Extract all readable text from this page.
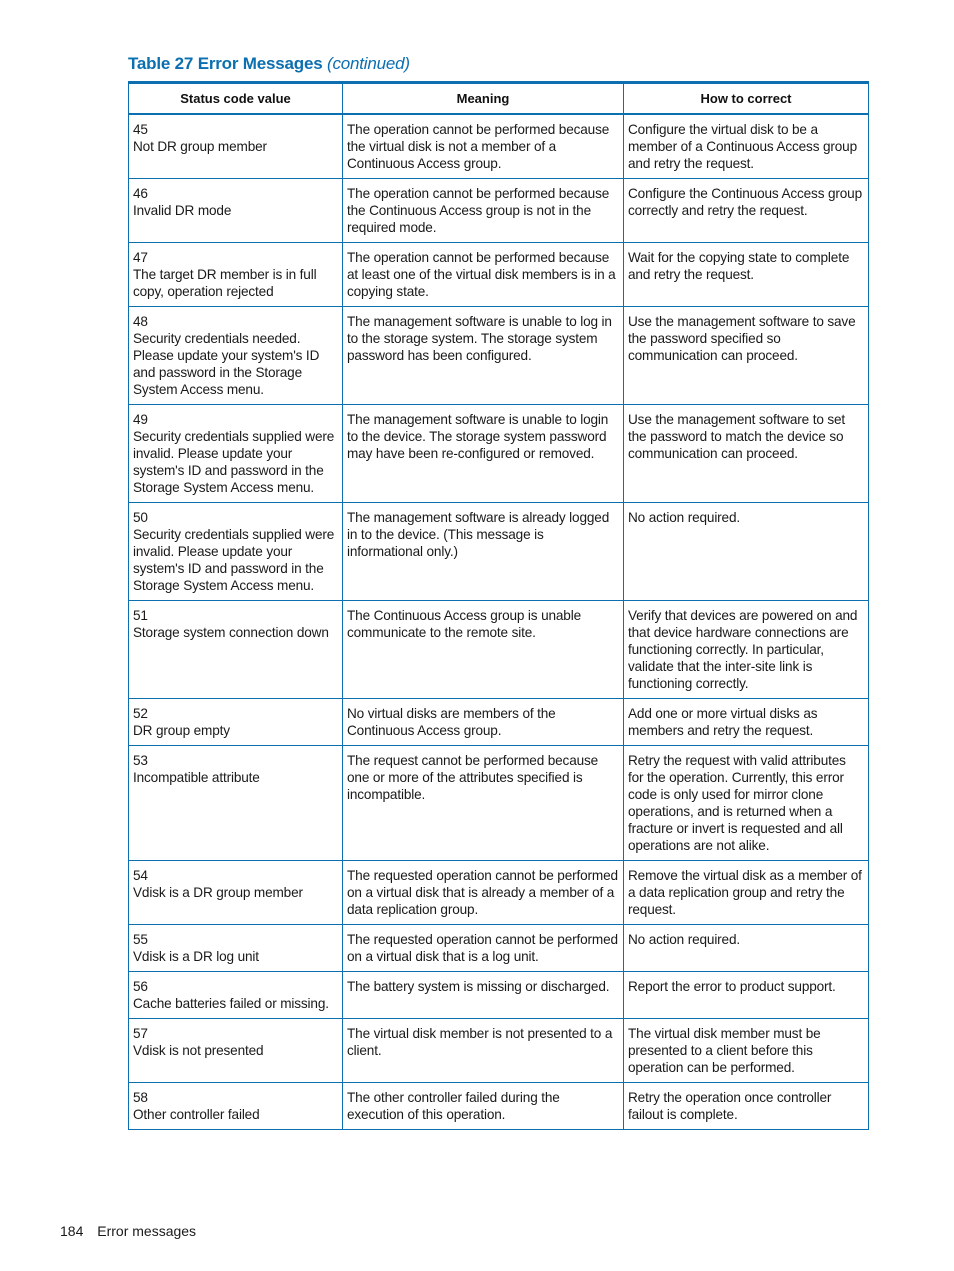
Table 27 Error Messages (continued)
Status code value	Meaning	How to correct

45
Not DR group member	The operation cannot be performed because the virtual disk is not a member of a Continuous Access group.	Configure the virtual disk to be a member of a Continuous Access group and retry the request.

46
Invalid DR mode	The operation cannot be performed because the Continuous Access group is not in the required mode.	Configure the Continuous Access group correctly and retry the request.

47
The target DR member is in full copy, operation rejected	The operation cannot be performed because at least one of the virtual disk members is in a copying state.	Wait for the copying state to complete and retry the request.

48
Security credentials needed. Please update your system's ID and password in the Storage System Access menu.	The management software is unable to log in to the storage system. The storage system password has been configured.	Use the management software to save the password specified so communication can proceed.

49
Security credentials supplied were invalid. Please update your system's ID and password in the Storage System Access menu.	The management software is unable to login to the device. The storage system password may have been re-configured or removed.	Use the management software to set the password to match the device so communication can proceed.

50
Security credentials supplied were invalid. Please update your system's ID and password in the Storage System Access menu.	The management software is already logged in to the device. (This message is informational only.)	No action required.

51
Storage system connection down	The Continuous Access group is unable communicate to the remote site.	Verify that devices are powered on and that device hardware connections are functioning correctly. In particular, validate that the inter-site link is functioning correctly.

52
DR group empty	No virtual disks are members of the Continuous Access group.	Add one or more virtual disks as members and retry the request.

53
Incompatible attribute	The request cannot be performed because one or more of the attributes specified is incompatible.	Retry the request with valid attributes for the operation. Currently, this error code is only used for mirror clone operations, and is returned when a fracture or invert is requested and all operations are not alike.

54
Vdisk is a DR group member	The requested operation cannot be performed on a virtual disk that is already a member of a data replication group.	Remove the virtual disk as a member of a data replication group and retry the request.

55
Vdisk is a DR log unit	The requested operation cannot be performed on a virtual disk that is a log unit.	No action required.

56
Cache batteries failed or missing.	The battery system is missing or discharged.	Report the error to product support.

57
Vdisk is not presented	The virtual disk member is not presented to a client.	The virtual disk member must be presented to a client before this operation can be performed.

58
Other controller failed	The other controller failed during the execution of this operation.	Retry the operation once controller failout is complete.
184 Error messages
